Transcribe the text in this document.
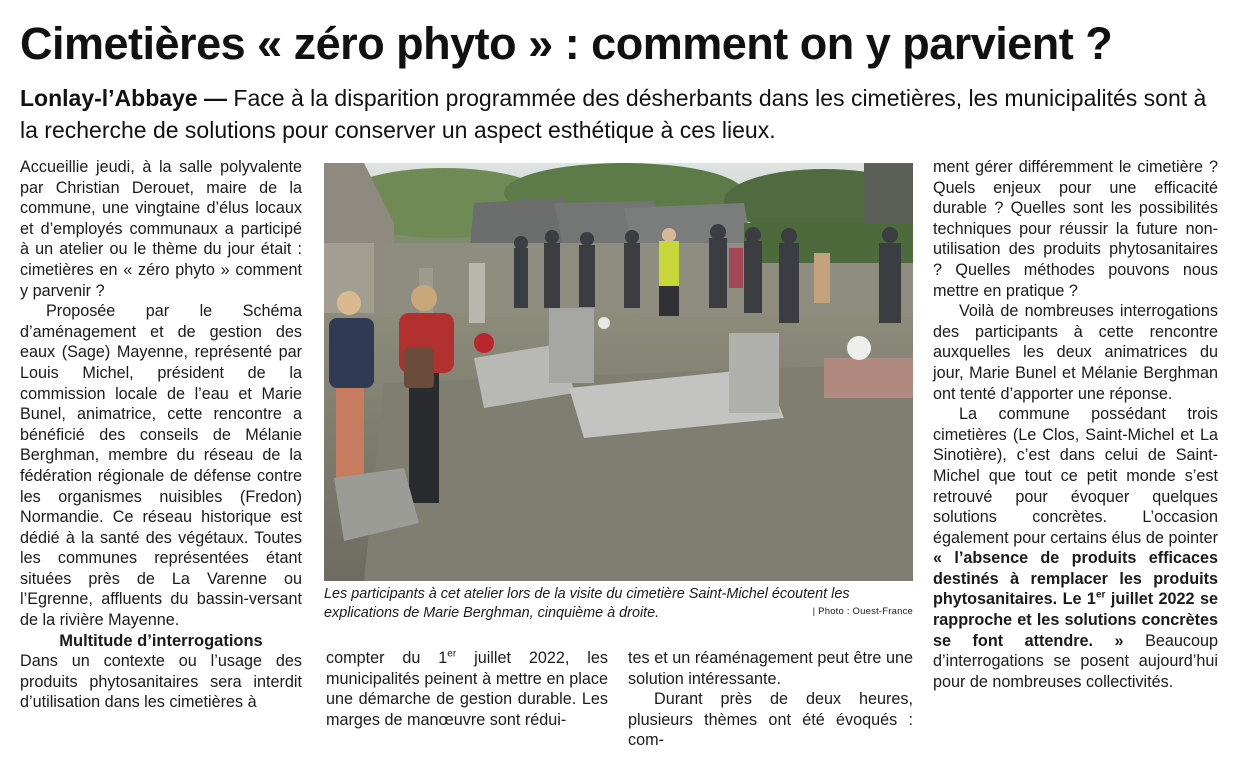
Cimetières « zéro phyto » : comment on y parvient ?

Lonlay-l’Abbaye — Face à la disparition programmée des désherbants dans les cimetières, les municipalités sont à la recherche de solutions pour conserver un aspect esthétique à ces lieux.

Accueillie jeudi, à la salle polyvalente par Christian Derouet, maire de la commune, une vingtaine d’élus locaux et d’employés communaux a participé à un atelier ou le thème du jour était : cimetières en « zéro phyto » comment y parvenir ?

Proposée par le Schéma d’aménagement et de gestion des eaux (Sage) Mayenne, représenté par Louis Michel, président de la commission locale de l’eau et Marie Bunel, animatrice, cette rencontre a bénéficié des conseils de Mélanie Berghman, membre du réseau de la fédération régionale de défense contre les organismes nuisibles (Fredon) Normandie. Ce réseau historique est dédié à la santé des végétaux. Toutes les communes représentées étant situées près de La Varenne ou l’Egrenne, affluents du bassin-versant de la rivière Mayenne.

Multitude d’interrogations

Dans un contexte ou l’usage des produits phytosanitaires sera interdit d’utilisation dans les cimetières à

Les participants à cet atelier lors de la visite du cimetière Saint-Michel écoutent les explications de Marie Berghman, cinquième à droite.	| Photo : Ouest-France

compter du 1er juillet 2022, les municipalités peinent à mettre en place une démarche de gestion durable. Les marges de manœuvre sont rédui-

tes et un réaménagement peut être une solution intéressante.

Durant près de deux heures, plusieurs thèmes ont été évoqués : com-

ment gérer différemment le cimetière ? Quels enjeux pour une efficacité durable ? Quelles sont les possibilités techniques pour réussir la future non-utilisation des produits phytosanitaires ? Quelles méthodes pouvons nous mettre en pratique ?

Voilà de nombreuses interrogations des participants à cette rencontre auxquelles les deux animatrices du jour, Marie Bunel et Mélanie Berghman ont tenté d’apporter une réponse.

La commune possédant trois cimetières (Le Clos, Saint-Michel et La Sinotière), c’est dans celui de Saint-Michel que tout ce petit monde s’est retrouvé pour évoquer quelques solutions concrètes. L’occasion également pour certains élus de pointer « l’absence de produits efficaces destinés à remplacer les produits phytosanitaires. Le 1er juillet 2022 se rapproche et les solutions concrètes se font attendre. » Beaucoup d’interrogations se posent aujourd’hui pour de nombreuses collectivités.
